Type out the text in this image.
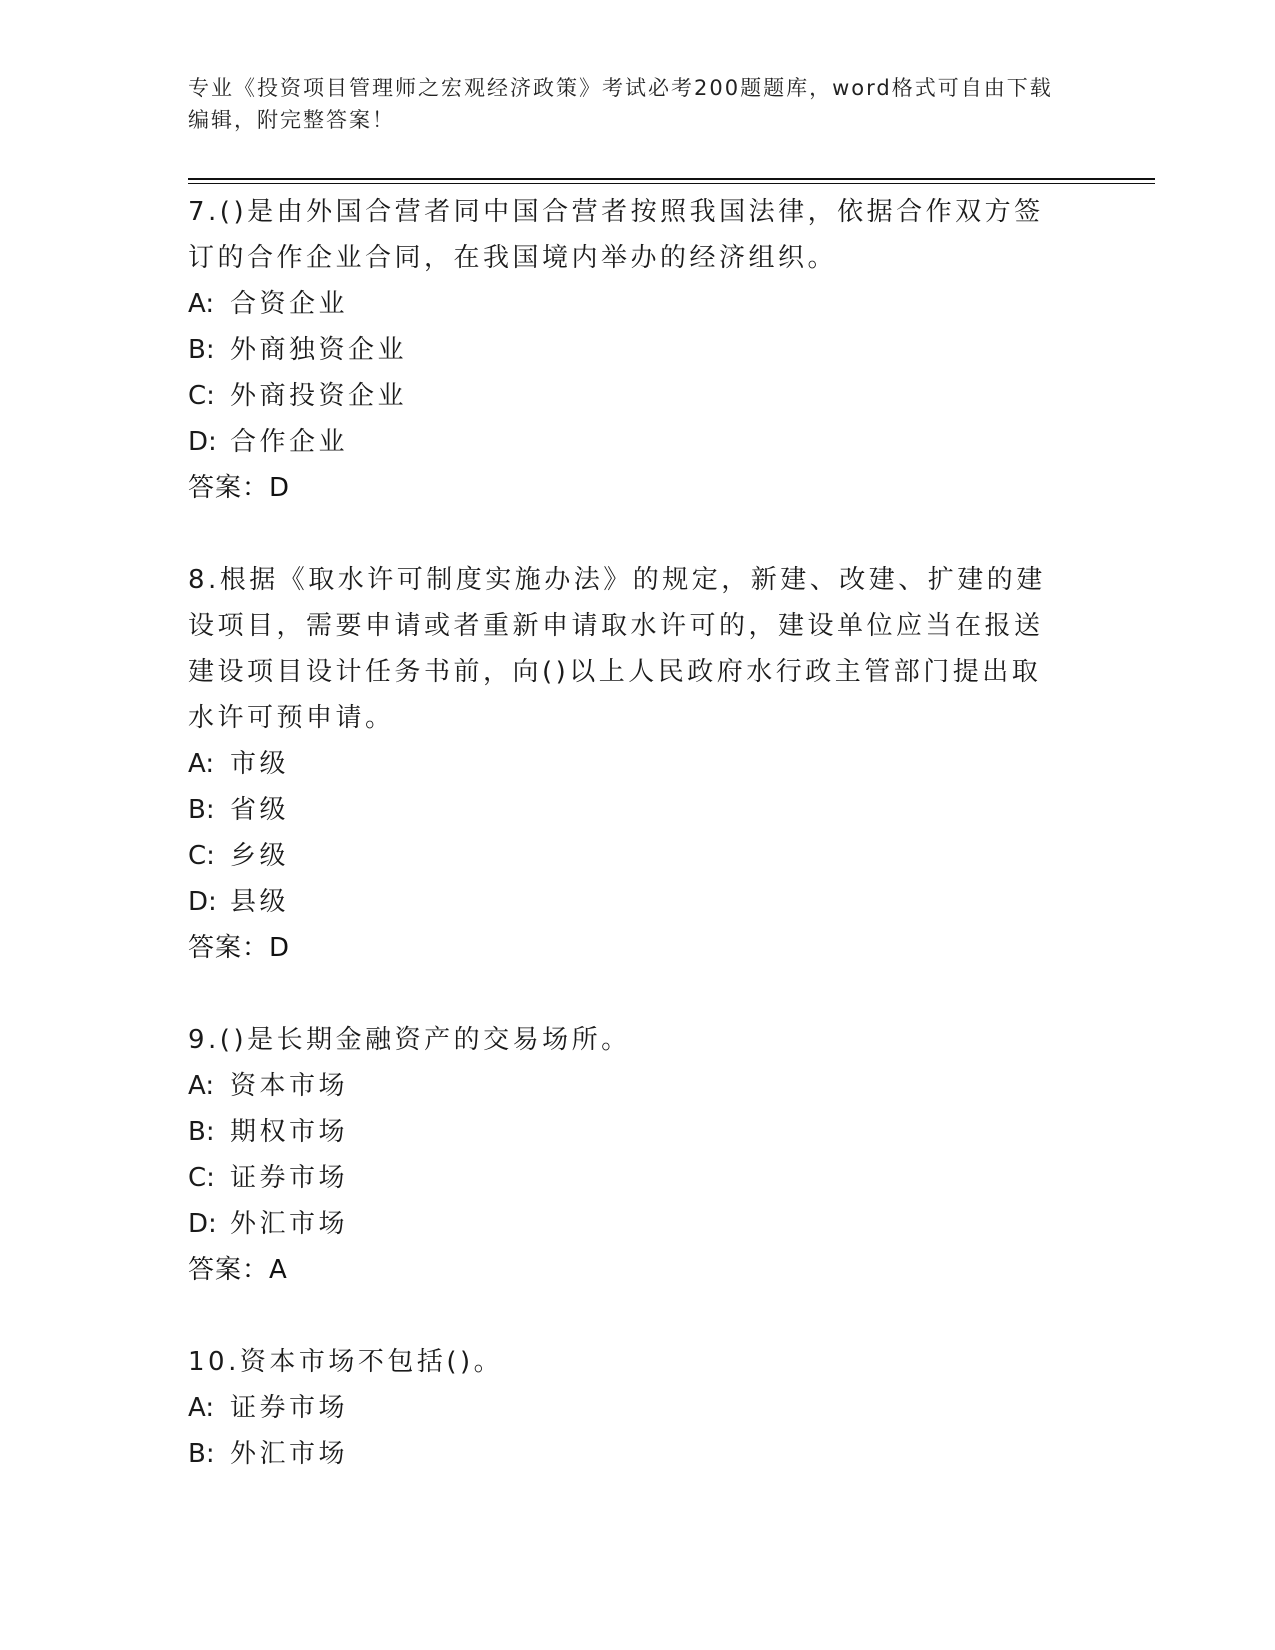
专业《投资项目管理师之宏观经济政策》考试必考200题题库，word格式可自由下载编辑，附完整答案！
7.()是由外国合营者同中国合营者按照我国法律，依据合作双方签订的合作企业合同，在我国境内举办的经济组织。
A: 合资企业
B: 外商独资企业
C: 外商投资企业
D: 合作企业
答案：D
8.根据《取水许可制度实施办法》的规定，新建、改建、扩建的建设项目，需要申请或者重新申请取水许可的，建设单位应当在报送建设项目设计任务书前，向()以上人民政府水行政主管部门提出取水许可预申请。
A: 市级
B: 省级
C: 乡级
D: 县级
答案：D
9.()是长期金融资产的交易场所。
A: 资本市场
B: 期权市场
C: 证券市场
D: 外汇市场
答案：A
10.资本市场不包括()。
A: 证券市场
B: 外汇市场
